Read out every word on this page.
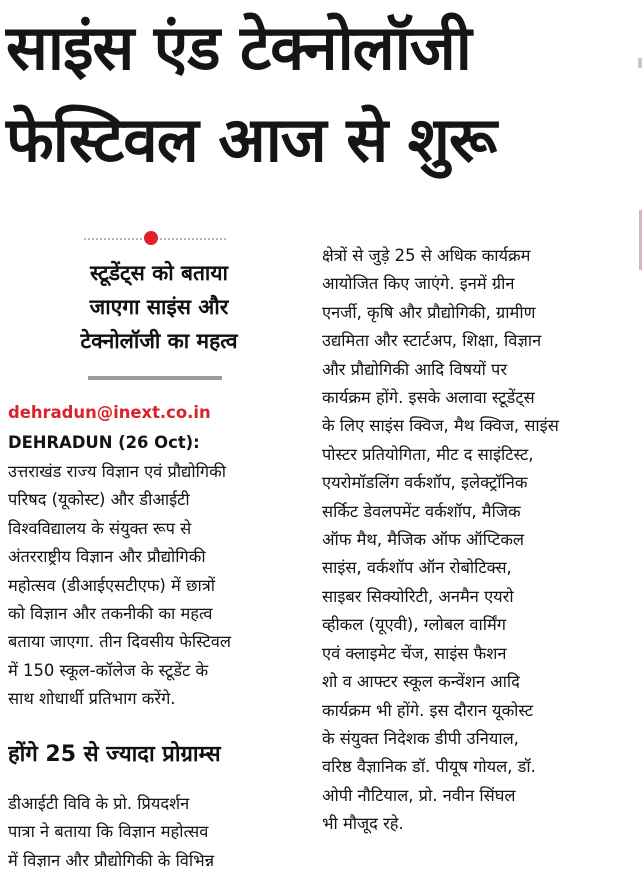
साइंस एंड टेक्नोलॉजी
फेस्टिवल आज से शुरू
स्टूडेंट्स को बताया
जाएगा साइंस और
टेक्नोलॉजी का महत्व
dehradun@inext.co.in
DEHRADUN (26 Oct):
उत्तराखंड राज्य विज्ञान एवं प्रौद्योगिकी
परिषद (यूकोस्ट) और डीआईटी
विश्वविद्यालय के संयुक्त रूप से
अंतरराष्ट्रीय विज्ञान और प्रौद्योगिकी
महोत्सव (डीआईएसटीएफ) में छात्रों
को विज्ञान और तकनीकी का महत्व
बताया जाएगा. तीन दिवसीय फेस्टिवल
में 150 स्कूल-कॉलेज के स्टूडेंट के
साथ शोधार्थी प्रतिभाग करेंगे.
होंगे 25 से ज्यादा प्रोग्राम्स
डीआईटी विवि के प्रो. प्रियदर्शन
पात्रा ने बताया कि विज्ञान महोत्सव
में विज्ञान और प्रौद्योगिकी के विभिन्न
क्षेत्रों से जुड़े 25 से अधिक कार्यक्रम
आयोजित किए जाएंगे. इनमें ग्रीन
एनर्जी, कृषि और प्रौद्योगिकी, ग्रामीण
उद्यमिता और स्टार्टअप, शिक्षा, विज्ञान
और प्रौद्योगिकी आदि विषयों पर
कार्यक्रम होंगे. इसके अलावा स्टूडेंट्स
के लिए साइंस क्विज, मैथ क्विज, साइंस
पोस्टर प्रतियोगिता, मीट द साइंटिस्ट,
एयरोमॉडलिंग वर्कशॉप, इलेक्ट्रॉनिक
सर्किट डेवलपमेंट वर्कशॉप, मैजिक
ऑफ मैथ, मैजिक ऑफ ऑप्टिकल
साइंस, वर्कशॉप ऑन रोबोटिक्स,
साइबर सिक्योरिटी, अनमैन एयरो
व्हीकल (यूएवी), ग्लोबल वार्मिंग
एवं क्लाइमेट चेंज, साइंस फैशन
शो व आफ्टर स्कूल कन्वेंशन आदि
कार्यक्रम भी होंगे. इस दौरान यूकोस्ट
के संयुक्त निदेशक डीपी उनियाल,
वरिष्ठ वैज्ञानिक डॉ. पीयूष गोयल, डॉ.
ओपी नौटियाल, प्रो. नवीन सिंघल
भी मौजूद रहे.
